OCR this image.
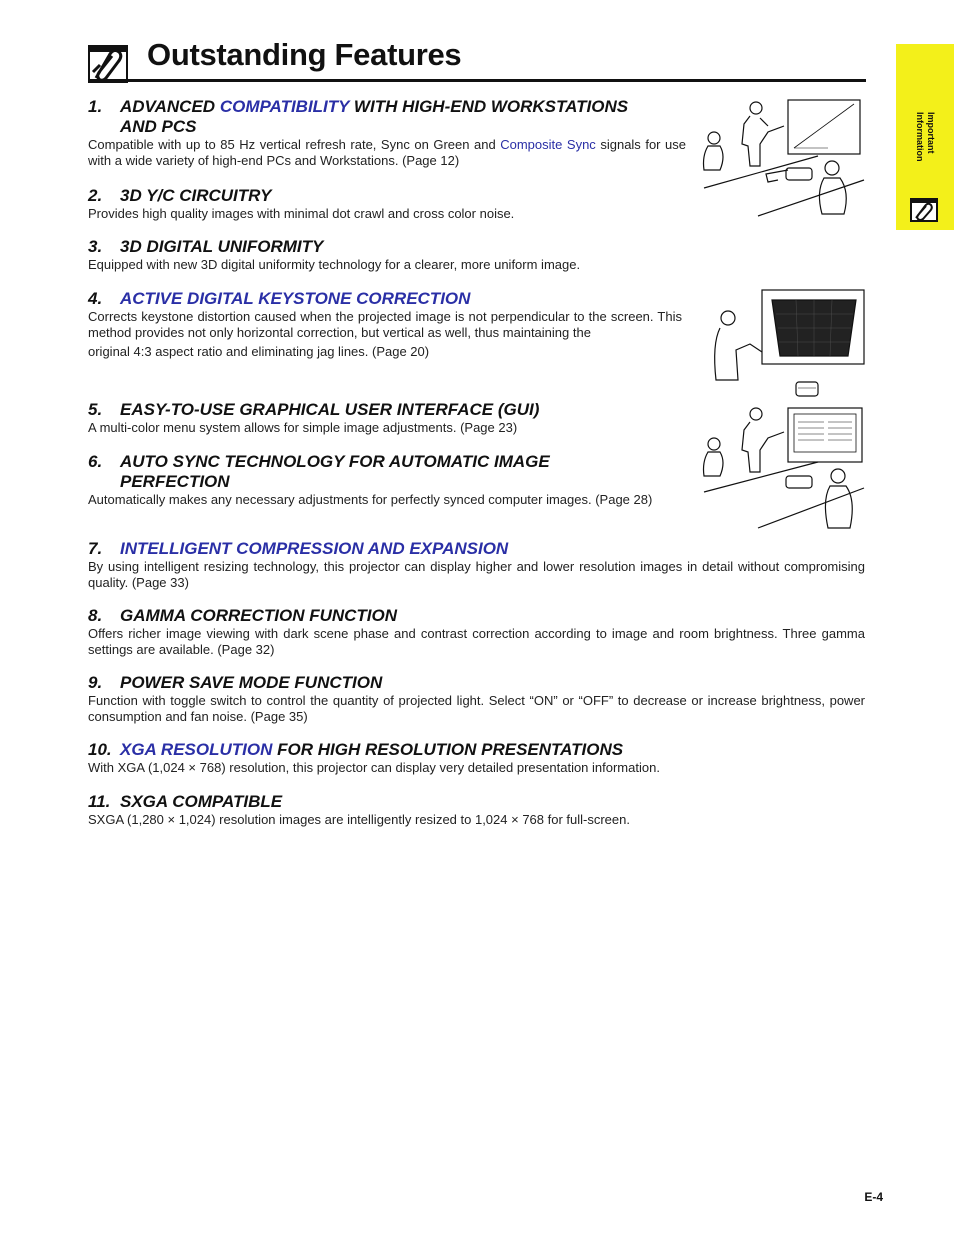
Outstanding Features
Important
Information
1. ADVANCED COMPATIBILITY WITH HIGH-END WORKSTATIONS
AND PCS

Compatible with up to 85 Hz vertical refresh rate, Sync on Green and Composite Sync signals for use with a wide variety of high-end PCs and Workstations. (Page 12)

2. 3D Y/C CIRCUITRY

Provides high quality images with minimal dot crawl and cross color noise.

3. 3D DIGITAL UNIFORMITY

Equipped with new 3D digital uniformity technology for a clearer, more uniform image.

4. ACTIVE DIGITAL KEYSTONE CORRECTION

Corrects keystone distortion caused when the projected image is not perpendicular to the screen. This method provides not only horizontal correction, but vertical as well, thus maintaining the

original 4:3 aspect ratio and eliminating jag lines. (Page 20)

5. EASY-TO-USE GRAPHICAL USER INTERFACE (GUI)

A multi-color menu system allows for simple image adjustments. (Page 23)

6. AUTO SYNC TECHNOLOGY FOR AUTOMATIC IMAGE
PERFECTION

Automatically makes any necessary adjustments for perfectly synced computer images. (Page 28)

7. INTELLIGENT COMPRESSION AND EXPANSION

By using intelligent resizing technology, this projector can display higher and lower resolution images in detail without compromising quality. (Page 33)

8. GAMMA CORRECTION FUNCTION

Offers richer image viewing with dark scene phase and contrast correction according to image and room brightness. Three gamma settings are available. (Page 32)

9. POWER SAVE MODE FUNCTION

Function with toggle switch to control the quantity of projected light. Select “ON” or “OFF” to decrease or increase brightness, power consumption and fan noise. (Page 35)

10. XGA RESOLUTION FOR HIGH RESOLUTION PRESENTATIONS

With XGA (1,024 × 768) resolution, this projector can display very detailed presentation information.

11. SXGA COMPATIBLE

SXGA (1,280 × 1,024) resolution images are intelligently resized to 1,024 × 768 for full-screen.

E-4
